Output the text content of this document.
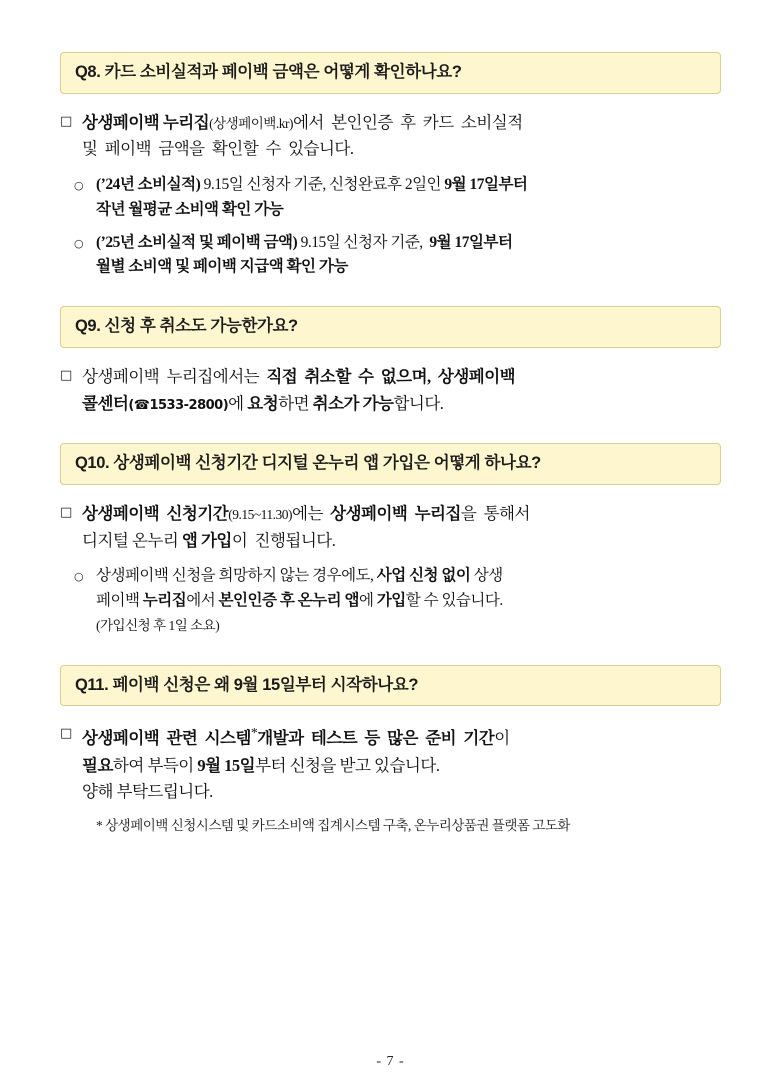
Q8. 카드 소비실적과 페이백 금액은 어떻게 확인하나요?
□ 상생페이백 누리집(상생페이백.kr)에서  본인인증  후  카드  소비실적
및  페이백  금액을  확인할  수  있습니다.
○ (’24년 소비실적) 9.15일 신청자 기준, 신청완료후 2일인 9월 17일부터
작년 월평균 소비액 확인 가능
○ (’25년 소비실적 및 페이백 금액) 9.15일 신청자 기준,  9월 17일부터
월별 소비액 및 페이백 지급액 확인 가능
Q9. 신청 후 취소도 가능한가요?
□ 상생페이백  누리집에서는  직접  취소할  수  없으며,  상생페이백
콜센터(☎1533-2800)에 요청하면 취소가 가능합니다.
Q10. 상생페이백 신청기간 디지털 온누리 앱 가입은 어떻게 하나요?
□ 상생페이백  신청기간(9.15~11.30)에는  상생페이백  누리집을  통해서
디지털 온누리 앱 가입이  진행됩니다.
○ 상생페이백 신청을 희망하지 않는 경우에도, 사업 신청 없이 상생
페이백 누리집에서 본인인증 후 온누리 앱에 가입할 수 있습니다.
(가입신청 후 1일 소요)
Q11. 페이백 신청은 왜 9월 15일부터 시작하나요?
□ 상생페이백  관련  시스템*개발과  테스트  등  많은  준비  기간이
필요하여 부득이 9월 15일부터 신청을 받고 있습니다.
양해 부탁드립니다.
* 상생페이백 신청시스템 및 카드소비액 집계시스템 구축, 온누리상품권 플랫폼 고도화
- 7 -
